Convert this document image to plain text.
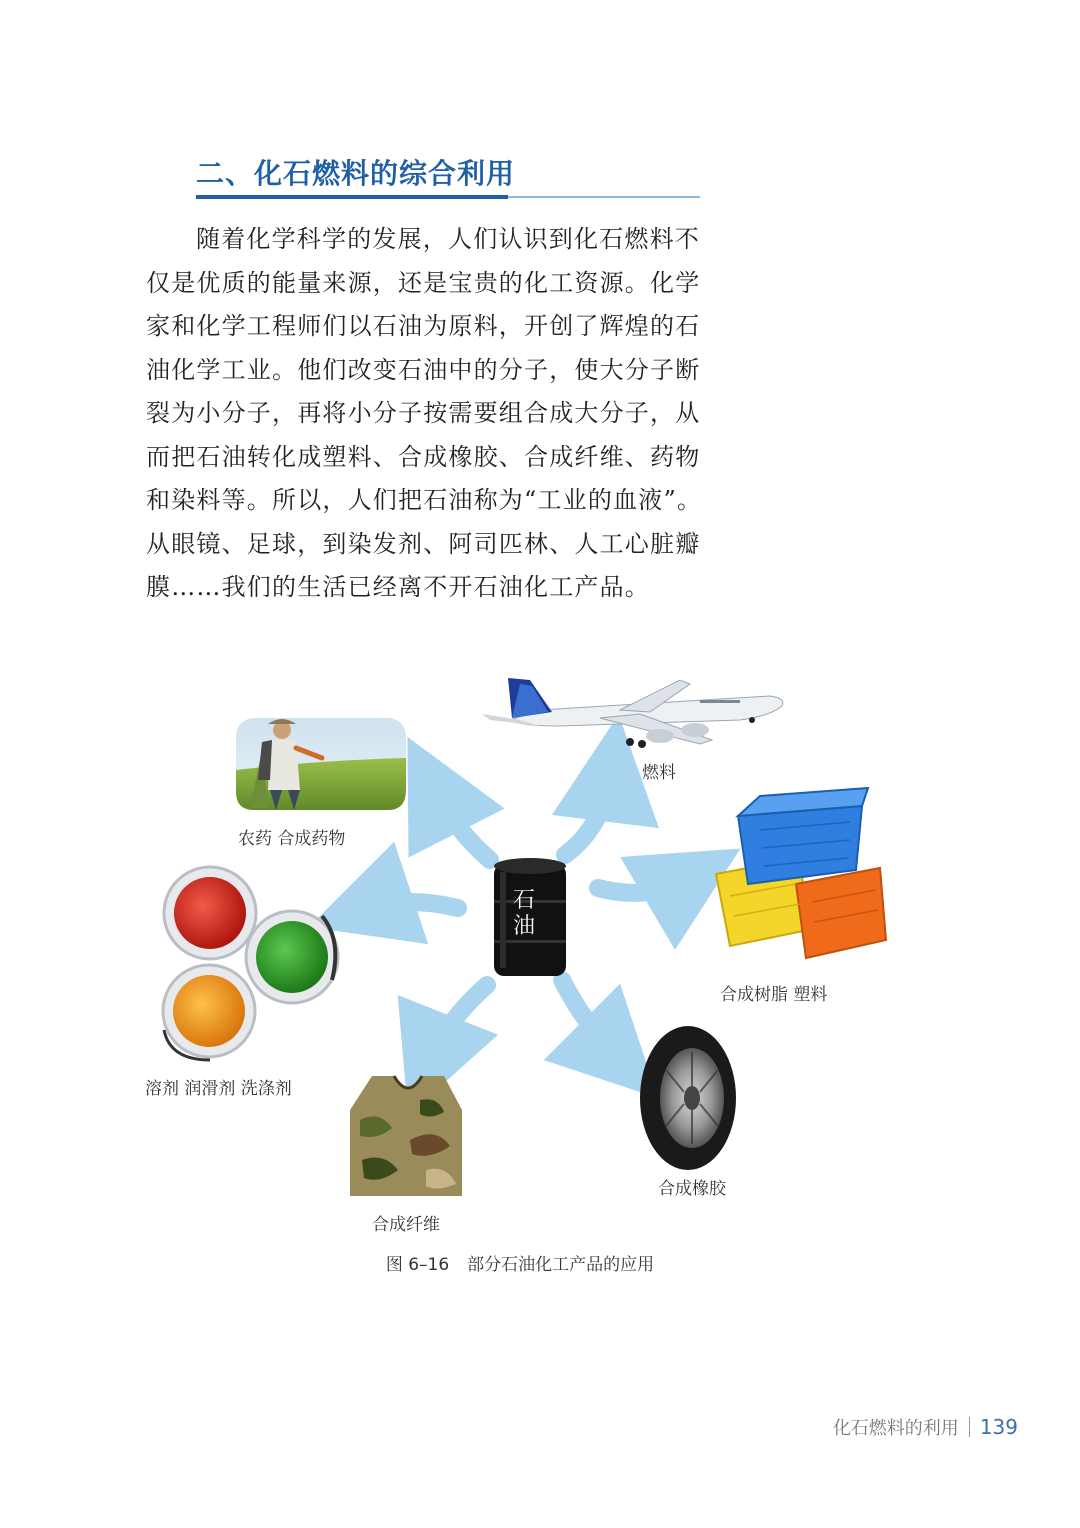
二、化石燃料的综合利用
随着化学科学的发展，人们认识到化石燃料不
仅是优质的能量来源，还是宝贵的化工资源。化学
家和化学工程师们以石油为原料，开创了辉煌的石
油化学工业。他们改变石油中的分子，使大分子断
裂为小分子，再将小分子按需要组合成大分子，从
而把石油转化成塑料、合成橡胶、合成纤维、药物
和染料等。所以，人们把石油称为“工业的血液”。
从眼镜、足球，到染发剂、阿司匹林、人工心脏瓣
膜……我们的生活已经离不开石油化工产品。
石
油
燃料
农药 合成药物
合成树脂 塑料
溶剂 润滑剂 洗涤剂
合成纤维
合成橡胶
图 6–16 部分石油化工产品的应用
化石燃料的利用 139
